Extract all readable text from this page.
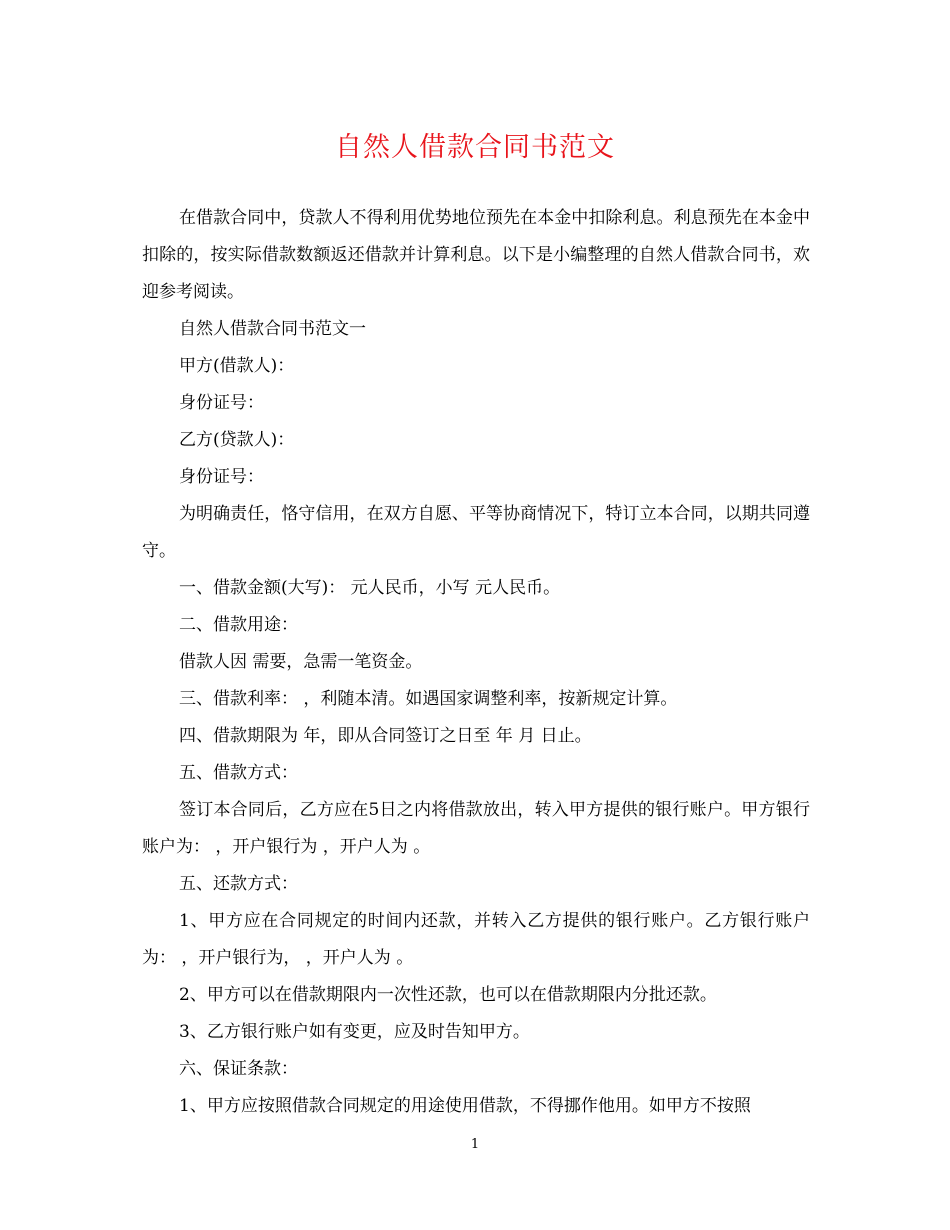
自然人借款合同书范文

在借款合同中，贷款人不得利用优势地位预先在本金中扣除利息。利息预先在本金中扣除的，按实际借款数额返还借款并计算利息。以下是小编整理的自然人借款合同书，欢迎参考阅读。

自然人借款合同书范文一

甲方(借款人)：

身份证号：

乙方(贷款人)：

身份证号：

为明确责任，恪守信用，在双方自愿、平等协商情况下，特订立本合同，以期共同遵守。

一、借款金额(大写)： 元人民币，小写 元人民币。

二、借款用途：

借款人因 需要，急需一笔资金。

三、借款利率： ，利随本清。如遇国家调整利率，按新规定计算。

四、借款期限为 年，即从合同签订之日至 年 月 日止。

五、借款方式：

签订本合同后，乙方应在5日之内将借款放出，转入甲方提供的银行账户。甲方银行账户为： ，开户银行为 ，开户人为 。

五、还款方式：

1、甲方应在合同规定的时间内还款，并转入乙方提供的银行账户。乙方银行账户为： ，开户银行为， ，开户人为 。

2、甲方可以在借款期限内一次性还款，也可以在借款期限内分批还款。

3、乙方银行账户如有变更，应及时告知甲方。

六、保证条款：

1、甲方应按照借款合同规定的用途使用借款，不得挪作他用。如甲方不按照

1
